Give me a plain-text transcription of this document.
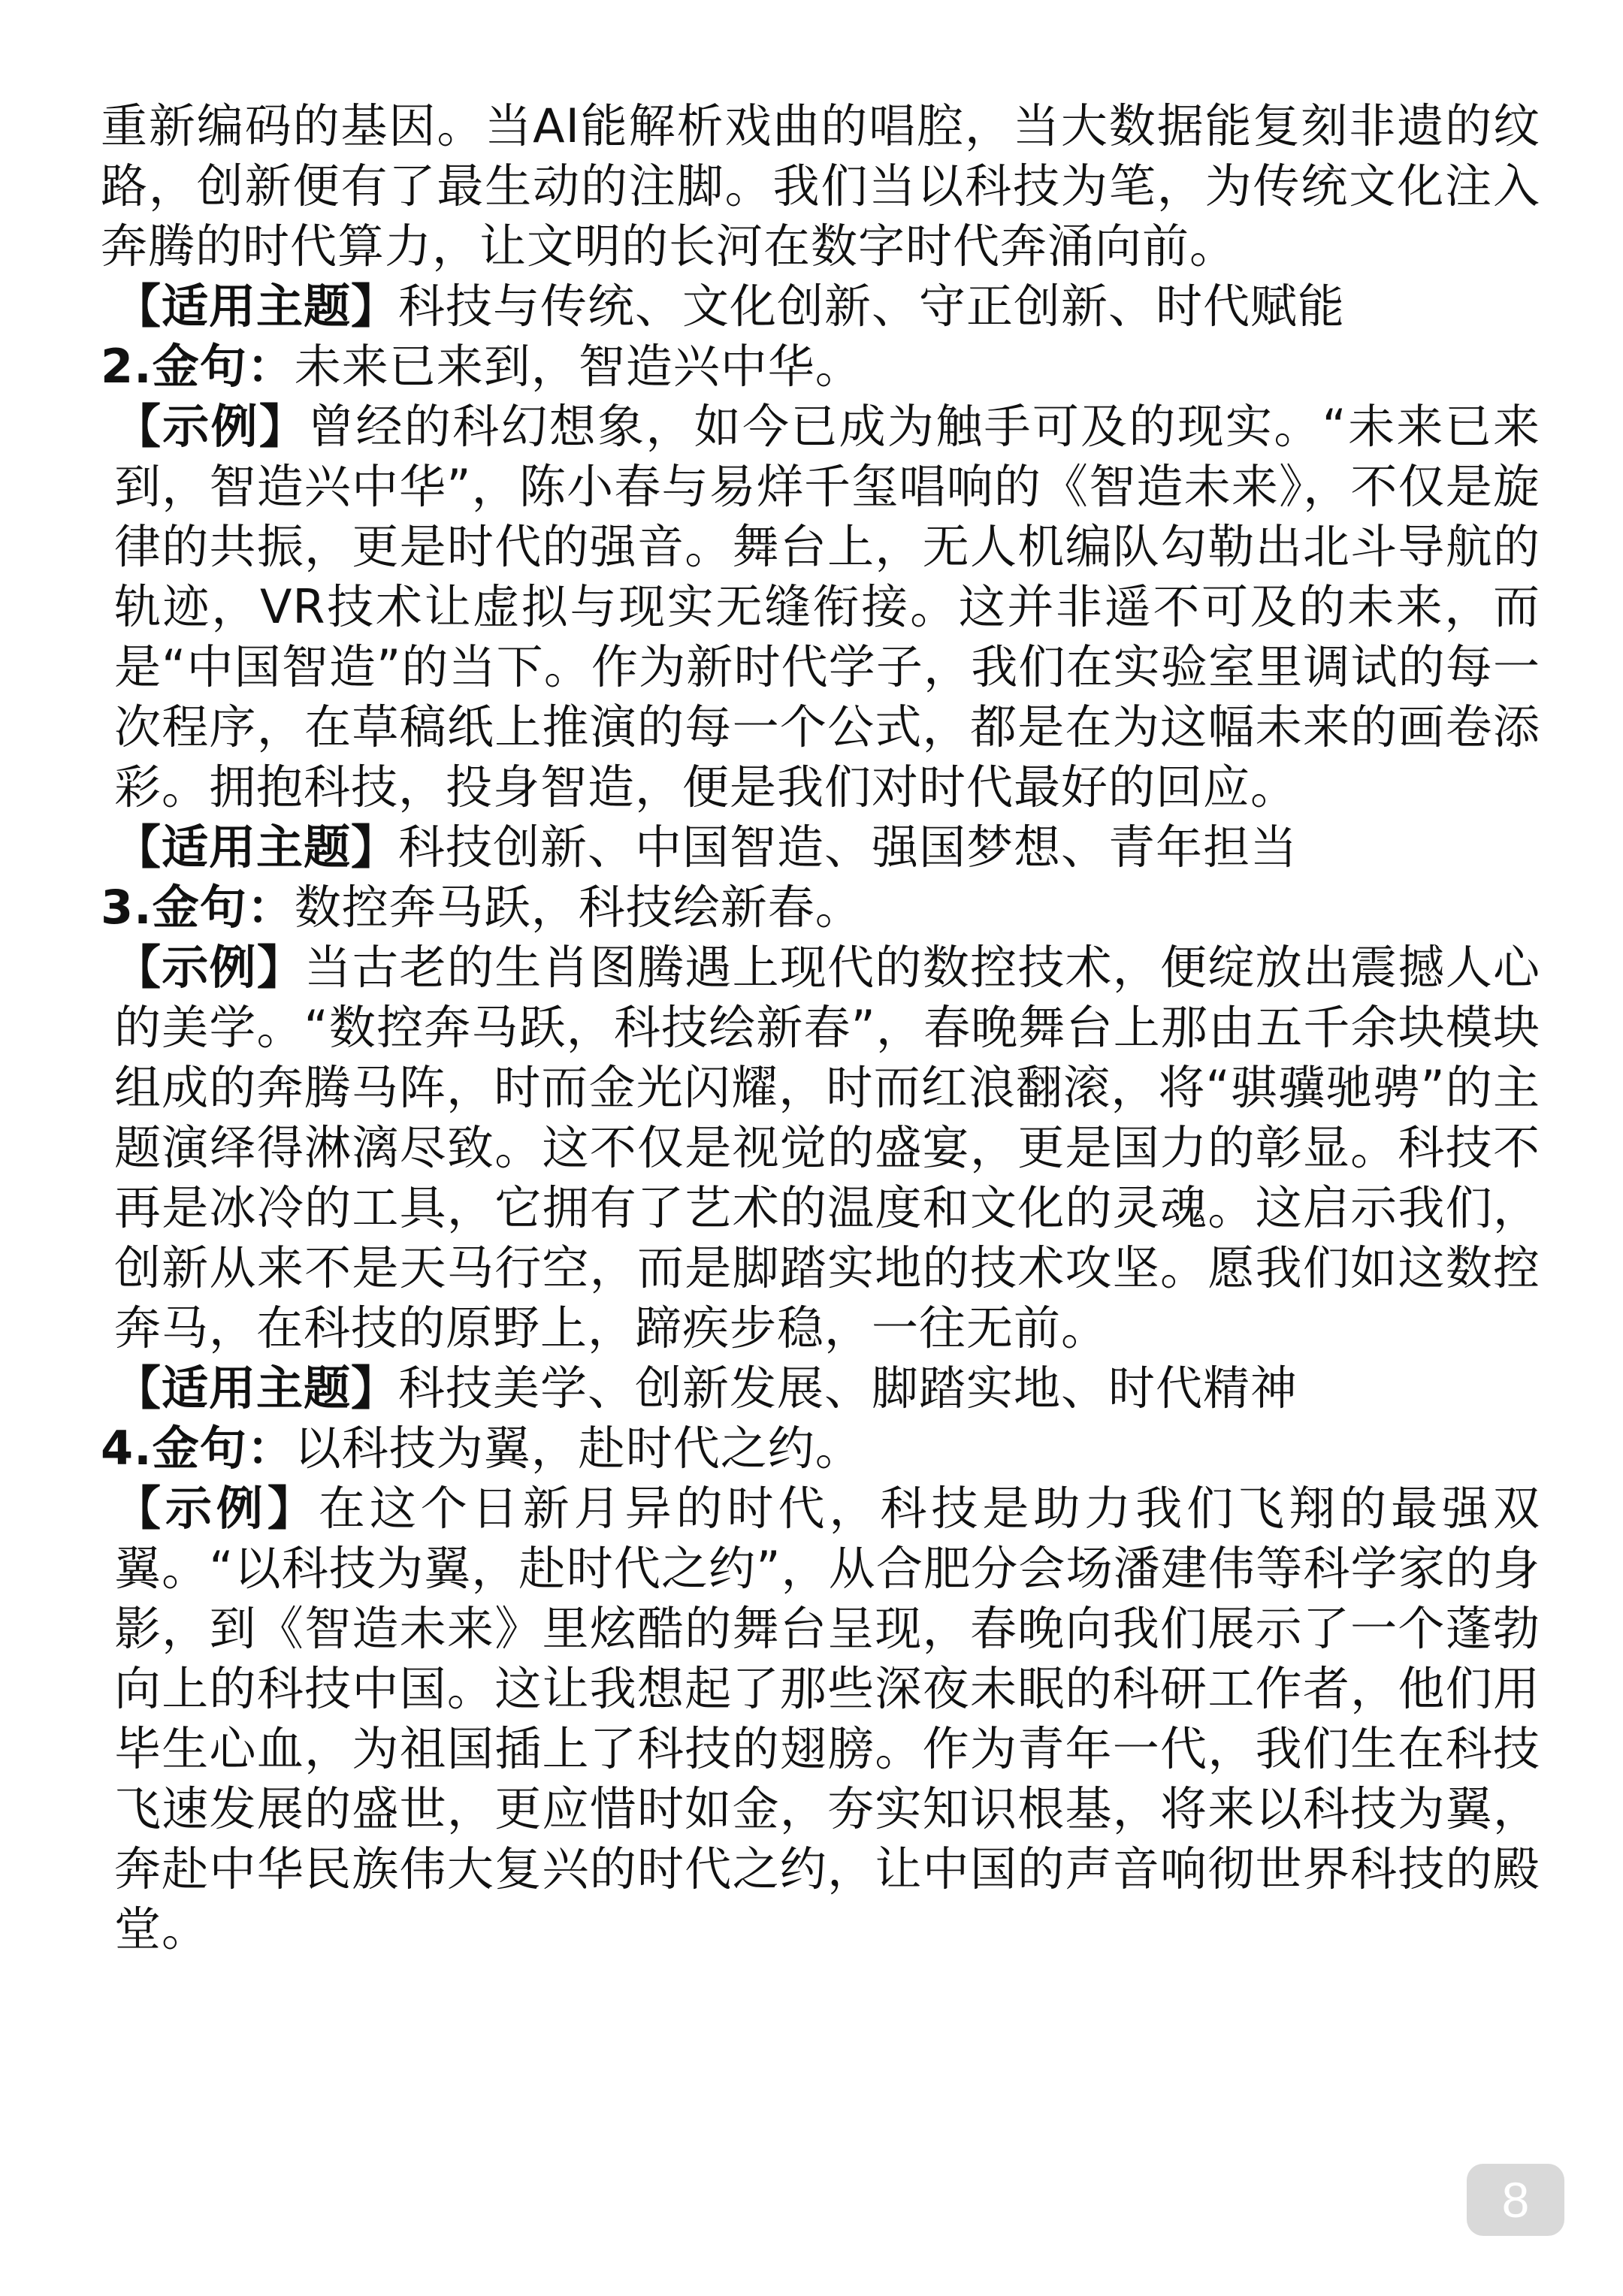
重新编码的基因。当AI能解析戏曲的唱腔，当大数据能复刻非遗的纹路，创新便有了最生动的注脚。我们当以科技为笔，为传统文化注入奔腾的时代算力，让文明的长河在数字时代奔涌向前。

【适用主题】科技与传统、文化创新、守正创新、时代赋能

2.金句：未来已来到，智造兴中华。

【示例】曾经的科幻想象，如今已成为触手可及的现实。“未来已来到，智造兴中华”，陈小春与易烊千玺唱响的《智造未来》，不仅是旋律的共振，更是时代的强音。舞台上，无人机编队勾勒出北斗导航的轨迹，VR技术让虚拟与现实无缝衔接。这并非遥不可及的未来，而是“中国智造”的当下。作为新时代学子，我们在实验室里调试的每一次程序，在草稿纸上推演的每一个公式，都是在为这幅未来的画卷添彩。拥抱科技，投身智造，便是我们对时代最好的回应。

【适用主题】科技创新、中国智造、强国梦想、青年担当

3.金句：数控奔马跃，科技绘新春。

【示例】当古老的生肖图腾遇上现代的数控技术，便绽放出震撼人心的美学。“数控奔马跃，科技绘新春”，春晚舞台上那由五千余块模块组成的奔腾马阵，时而金光闪耀，时而红浪翻滚，将“骐骥驰骋”的主题演绎得淋漓尽致。这不仅是视觉的盛宴，更是国力的彰显。科技不再是冰冷的工具，它拥有了艺术的温度和文化的灵魂。这启示我们，创新从来不是天马行空，而是脚踏实地的技术攻坚。愿我们如这数控奔马，在科技的原野上，蹄疾步稳，一往无前。

【适用主题】科技美学、创新发展、脚踏实地、时代精神

4.金句：以科技为翼，赴时代之约。

【示例】在这个日新月异的时代，科技是助力我们飞翔的最强双翼。“以科技为翼，赴时代之约”，从合肥分会场潘建伟等科学家的身影，到《智造未来》里炫酷的舞台呈现，春晚向我们展示了一个蓬勃向上的科技中国。这让我想起了那些深夜未眠的科研工作者，他们用毕生心血，为祖国插上了科技的翅膀。作为青年一代，我们生在科技飞速发展的盛世，更应惜时如金，夯实知识根基，将来以科技为翼，奔赴中华民族伟大复兴的时代之约，让中国的声音响彻世界科技的殿堂。

8
